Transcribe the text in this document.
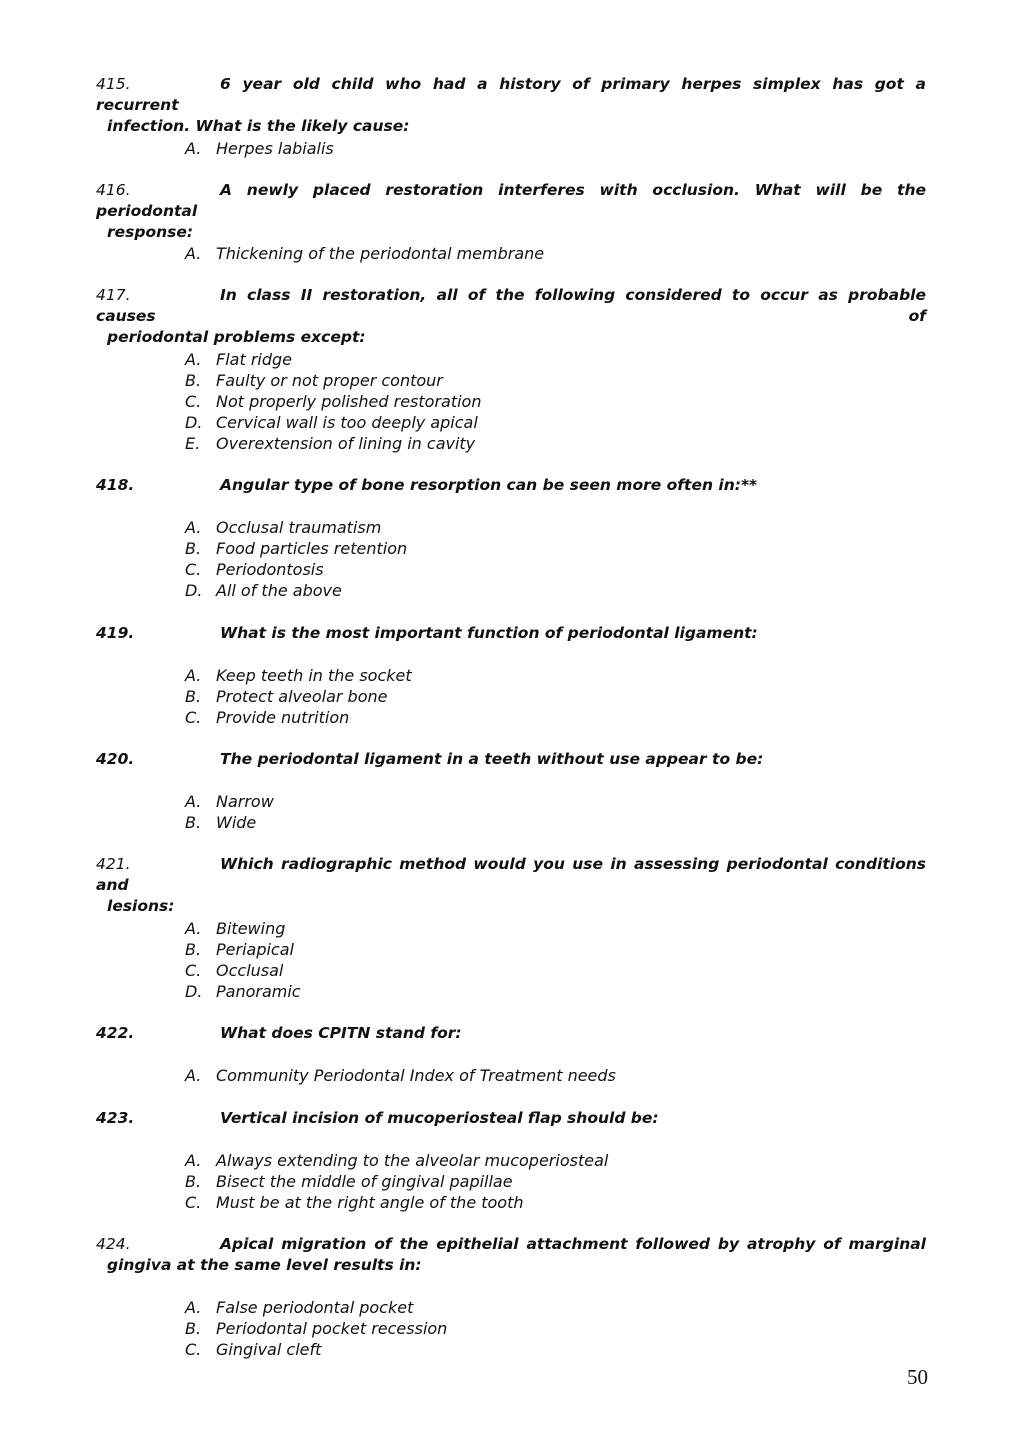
415.	6 year old child who had a history of primary herpes simplex has got a recurrent
infection. What is the likely cause:
A. Herpes labialis
416.	A newly placed restoration interferes with occlusion. What will be the periodontal
response:
A. Thickening of the periodontal membrane
417.	In class II restoration, all of the following considered to occur as probable causes of
periodontal problems except:
A. Flat ridge
B. Faulty or not proper contour
C. Not properly polished restoration
D. Cervical wall is too deeply apical
E. Overextension of lining in cavity
418.	Angular type of bone resorption can be seen more often in:**
A. Occlusal traumatism
B. Food particles retention
C. Periodontosis
D. All of the above
419.	What is the most important function of periodontal ligament:
A. Keep teeth in the socket
B. Protect alveolar bone
C. Provide nutrition
420.	The periodontal ligament in a teeth without use appear to be:
A. Narrow
B. Wide
421.	Which radiographic method would you use in assessing periodontal conditions and
lesions:
A. Bitewing
B. Periapical
C. Occlusal
D. Panoramic
422.	What does CPITN stand for:
A. Community Periodontal Index of Treatment needs
423.	Vertical incision of mucoperiosteal flap should be:
A. Always extending to the alveolar mucoperiosteal
B. Bisect the middle of gingival papillae
C. Must be at the right angle of the tooth
424.	Apical migration of the epithelial attachment followed by atrophy of marginal
gingiva at the same level results in:
A. False periodontal pocket
B. Periodontal pocket recession
C. Gingival cleft
50
